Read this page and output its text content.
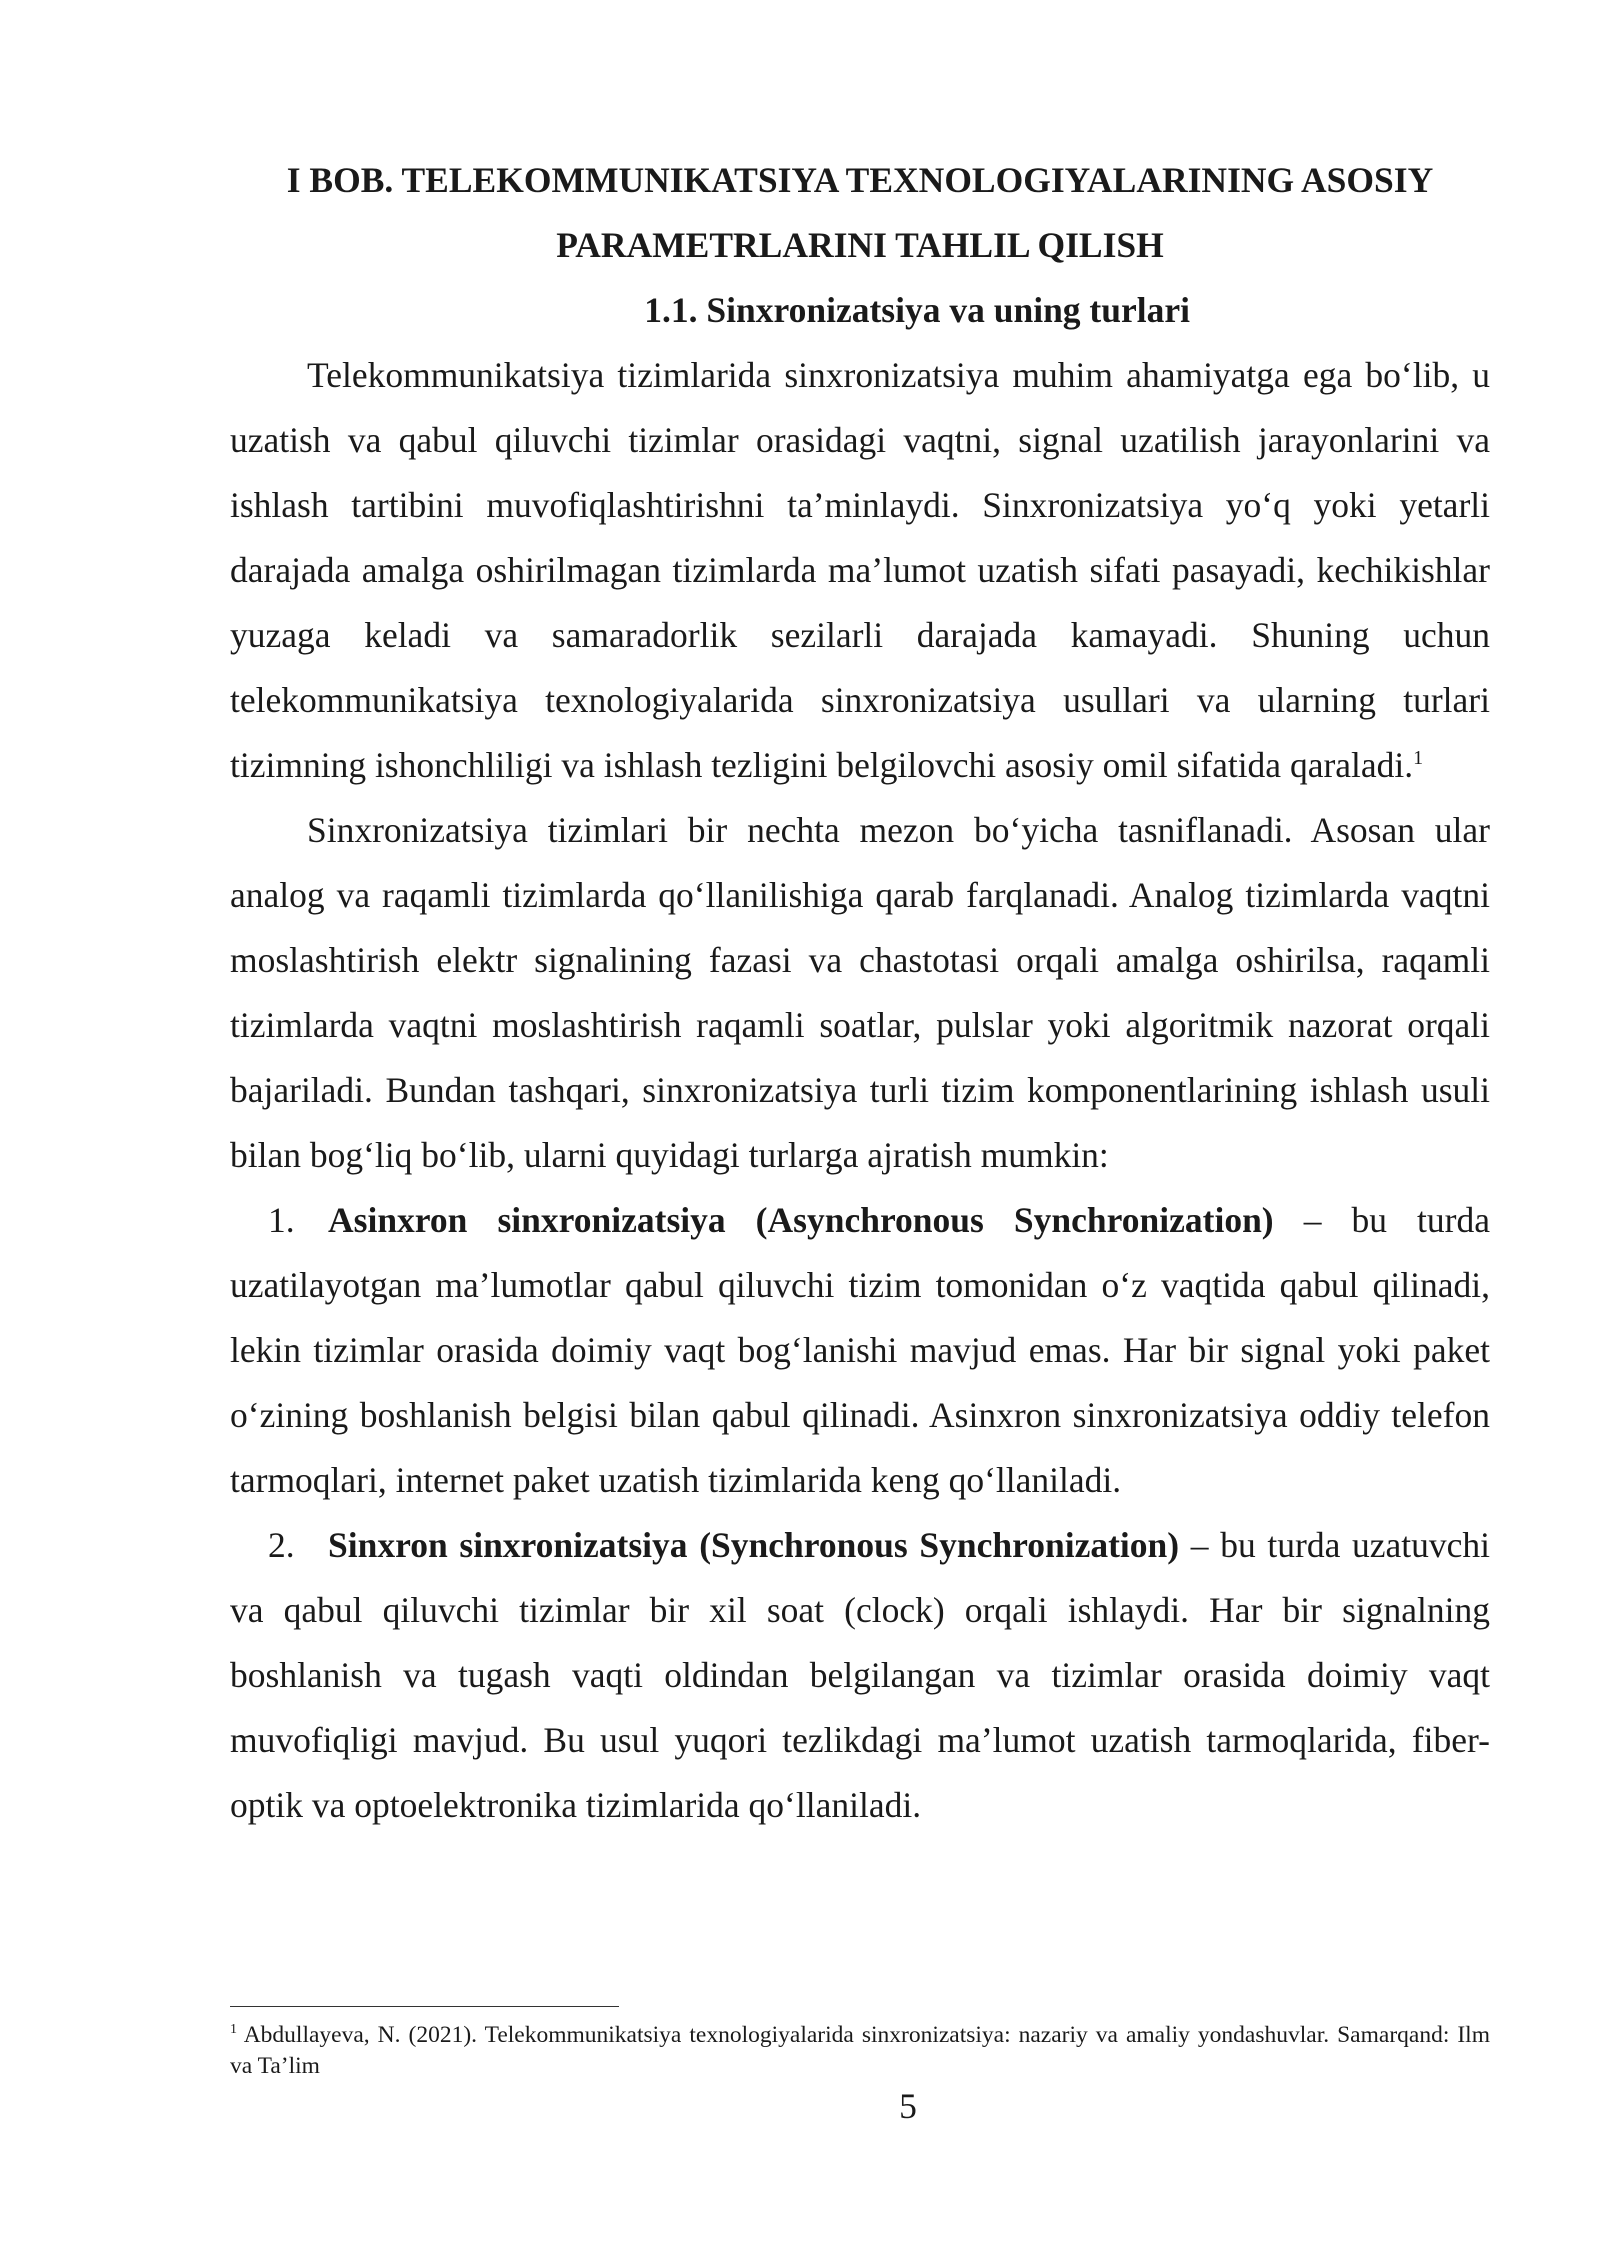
I BOB. TELEKOMMUNIKATSIYA TEXNOLOGIYALARINING ASOSIY
PARAMETRLARINI TAHLIL QILISH
1.1. Sinxronizatsiya va uning turlari

Telekommunikatsiya tizimlarida sinxronizatsiya muhim ahamiyatga ega bo‘lib, u uzatish va qabul qiluvchi tizimlar orasidagi vaqtni, signal uzatilish jarayonlarini va ishlash tartibini muvofiqlashtirishni ta’minlaydi. Sinxronizatsiya yo‘q yoki yetarli darajada amalga oshirilmagan tizimlarda ma’lumot uzatish sifati pasayadi, kechikishlar yuzaga keladi va samaradorlik sezilarli darajada kamayadi. Shuning uchun telekommunikatsiya texnologiyalarida sinxronizatsiya usullari va ularning turlari tizimning ishonchliligi va ishlash tezligini belgilovchi asosiy omil sifatida qaraladi.$^1$

Sinxronizatsiya tizimlari bir nechta mezon bo‘yicha tasniflanadi. Asosan ular analog va raqamli tizimlarda qo‘llanilishiga qarab farqlanadi. Analog tizimlarda vaqtni moslashtirish elektr signalining fazasi va chastotasi orqali amalga oshirilsa, raqamli tizimlarda vaqtni moslashtirish raqamli soatlar, pulslar yoki algoritmik nazorat orqali bajariladi. Bundan tashqari, sinxronizatsiya turli tizim komponentlarining ishlash usuli bilan bog‘liq bo‘lib, ularni quyidagi turlarga ajratish mumkin:

1. Asinxron sinxronizatsiya (Asynchronous Synchronization) – bu turda uzatilayotgan ma’lumotlar qabul qiluvchi tizim tomonidan o‘z vaqtida qabul qilinadi, lekin tizimlar orasida doimiy vaqt bog‘lanishi mavjud emas. Har bir signal yoki paket o‘zining boshlanish belgisi bilan qabul qilinadi. Asinxron sinxronizatsiya oddiy telefon tarmoqlari, internet paket uzatish tizimlarida keng qo‘llaniladi.

2. Sinxron sinxronizatsiya (Synchronous Synchronization) – bu turda uzatuvchi va qabul qiluvchi tizimlar bir xil soat (clock) orqali ishlaydi. Har bir signalning boshlanish va tugash vaqti oldindan belgilangan va tizimlar orasida doimiy vaqt muvofiqligi mavjud. Bu usul yuqori tezlikdagi ma’lumot uzatish tarmoqlarida, fiber-optik va optoelektronika tizimlarida qo‘llaniladi.

$^1$ Abdullayeva, N. (2021). Telekommunikatsiya texnologiyalarida sinxronizatsiya: nazariy va amaliy yondashuvlar. Samarqand: Ilm va Ta’lim
5
